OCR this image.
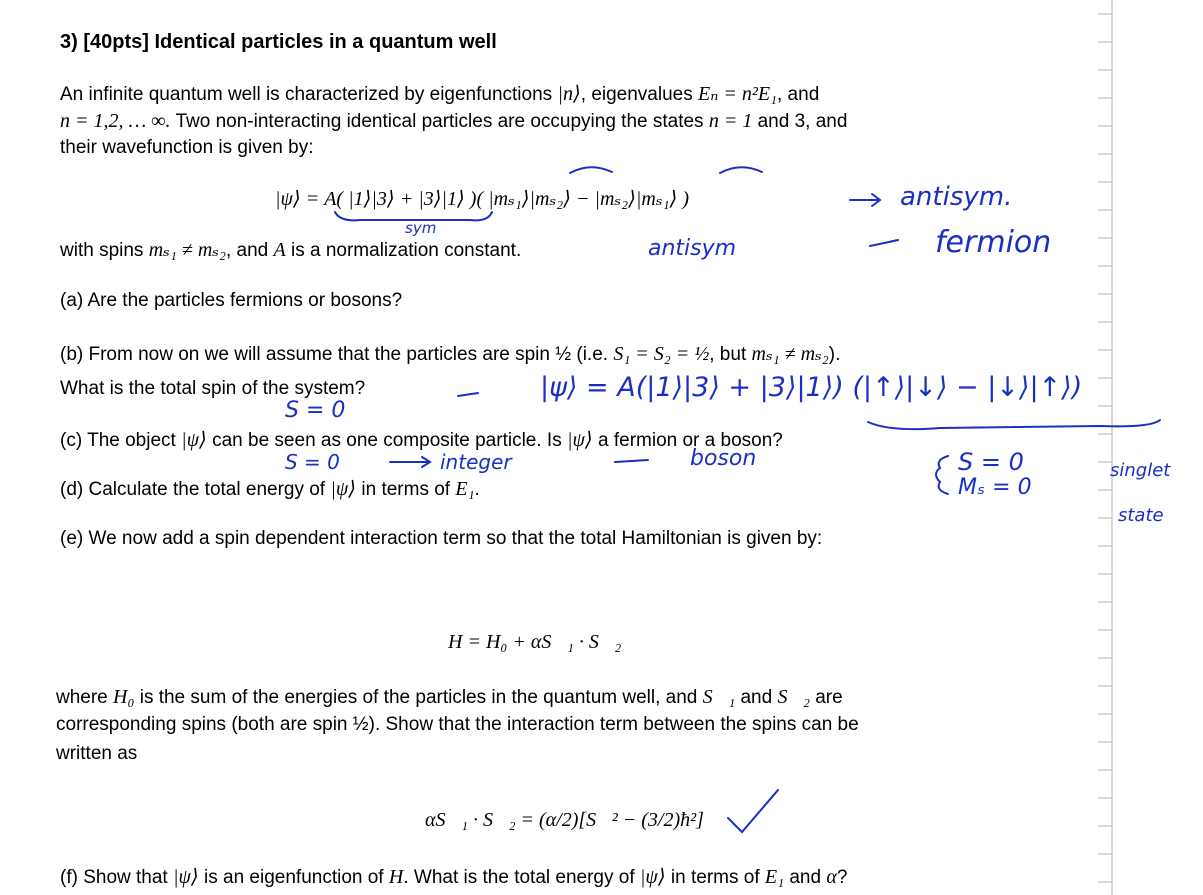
3) [40pts] Identical particles in a quantum well
An infinite quantum well is characterized by eigenfunctions |n⟩, eigenvalues Eₙ = n²E₁, and
n = 1,2, … ∞. Two non-interacting identical particles are occupying the states n = 1 and 3, and
their wavefunction is given by:
|ψ⟩ = A( |1⟩|3⟩ + |3⟩|1⟩ )( |mₛ₁⟩|mₛ₂⟩ − |mₛ₂⟩|mₛ₁⟩ )
with spins mₛ₁ ≠ mₛ₂, and A is a normalization constant.
(a) Are the particles fermions or bosons?
(b) From now on we will assume that the particles are spin ½ (i.e. S₁ = S₂ = ½, but mₛ₁ ≠ mₛ₂).
What is the total spin of the system?
(c) The object |ψ⟩ can be seen as one composite particle. Is |ψ⟩ a fermion or a boson?
(d) Calculate the total energy of |ψ⟩ in terms of E₁.
(e) We now add a spin dependent interaction term so that the total Hamiltonian is given by:
H = H₀ + αS⃗₁ · S⃗₂
where H₀ is the sum of the energies of the particles in the quantum well, and S⃗₁ and S⃗₂ are
corresponding spins (both are spin ½). Show that the interaction term between the spins can be
written as
αS⃗₁ · S⃗₂ = (α/2)[S⃗² − (3/2)ħ²]
(f) Show that |ψ⟩ is an eigenfunction of H. What is the total energy of |ψ⟩ in terms of E₁ and α?
antisym.
fermion
sym
antisym
|ψ⟩ = A(|1⟩|3⟩ + |3⟩|1⟩) (|↑⟩|↓⟩ − |↓⟩|↑⟩)
S = 0
S = 0	integer	boson	S = 0
Mₛ = 0
singlet
state
